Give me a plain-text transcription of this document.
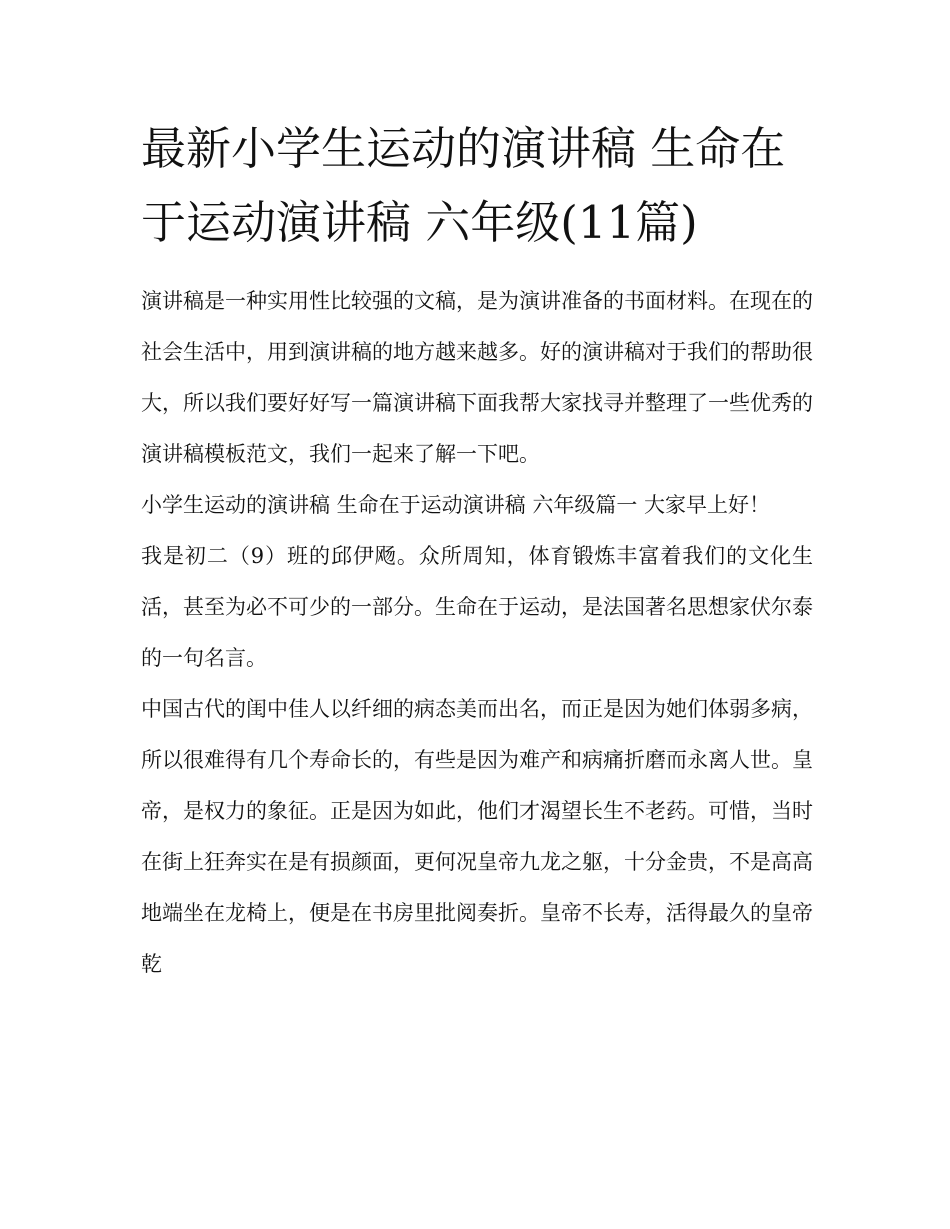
最新小学生运动的演讲稿 生命在于运动演讲稿 六年级(11篇)

演讲稿是一种实用性比较强的文稿，是为演讲准备的书面材料。在现在的社会生活中，用到演讲稿的地方越来越多。好的演讲稿对于我们的帮助很大，所以我们要好好写一篇演讲稿下面我帮大家找寻并整理了一些优秀的演讲稿模板范文，我们一起来了解一下吧。

小学生运动的演讲稿 生命在于运动演讲稿 六年级篇一 大家早上好！

我是初二（9）班的邱伊飏。众所周知，体育锻炼丰富着我们的文化生活，甚至为必不可少的一部分。生命在于运动，是法国著名思想家伏尔泰的一句名言。

中国古代的闺中佳人以纤细的病态美而出名，而正是因为她们体弱多病，所以很难得有几个寿命长的，有些是因为难产和病痛折磨而永离人世。皇帝，是权力的象征。正是因为如此，他们才渴望长生不老药。可惜，当时在街上狂奔实在是有损颜面，更何况皇帝九龙之躯，十分金贵，不是高高地端坐在龙椅上，便是在书房里批阅奏折。皇帝不长寿，活得最久的皇帝乾
